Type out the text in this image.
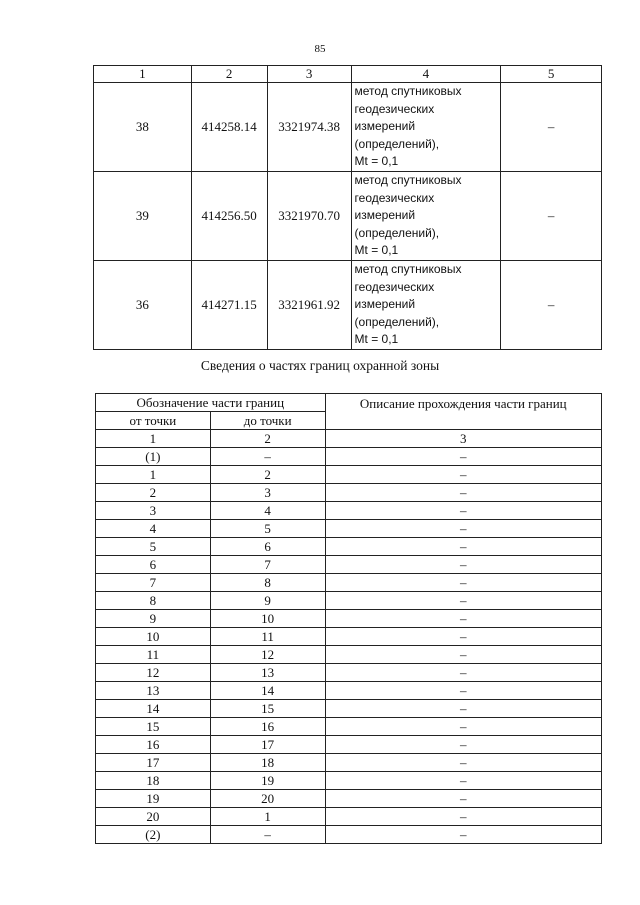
85
1	2	3	4	5
38	414258.14	3321974.38	метод спутниковых
геодезических
измерений
(определений),
Mt = 0,1	–
39	414256.50	3321970.70	метод спутниковых
геодезических
измерений
(определений),
Mt = 0,1	–
36	414271.15	3321961.92	метод спутниковых
геодезических
измерений
(определений),
Mt = 0,1	–
Сведения о частях границ охранной зоны
Обозначение части границ		Описание прохождения части границ
от точки	до точки	
1	2	3
(1)	–	–
1	2	–
2	3	–
3	4	–
4	5	–
5	6	–
6	7	–
7	8	–
8	9	–
9	10	–
10	11	–
11	12	–
12	13	–
13	14	–
14	15	–
15	16	–
16	17	–
17	18	–
18	19	–
19	20	–
20	1	–
(2)	–	–
